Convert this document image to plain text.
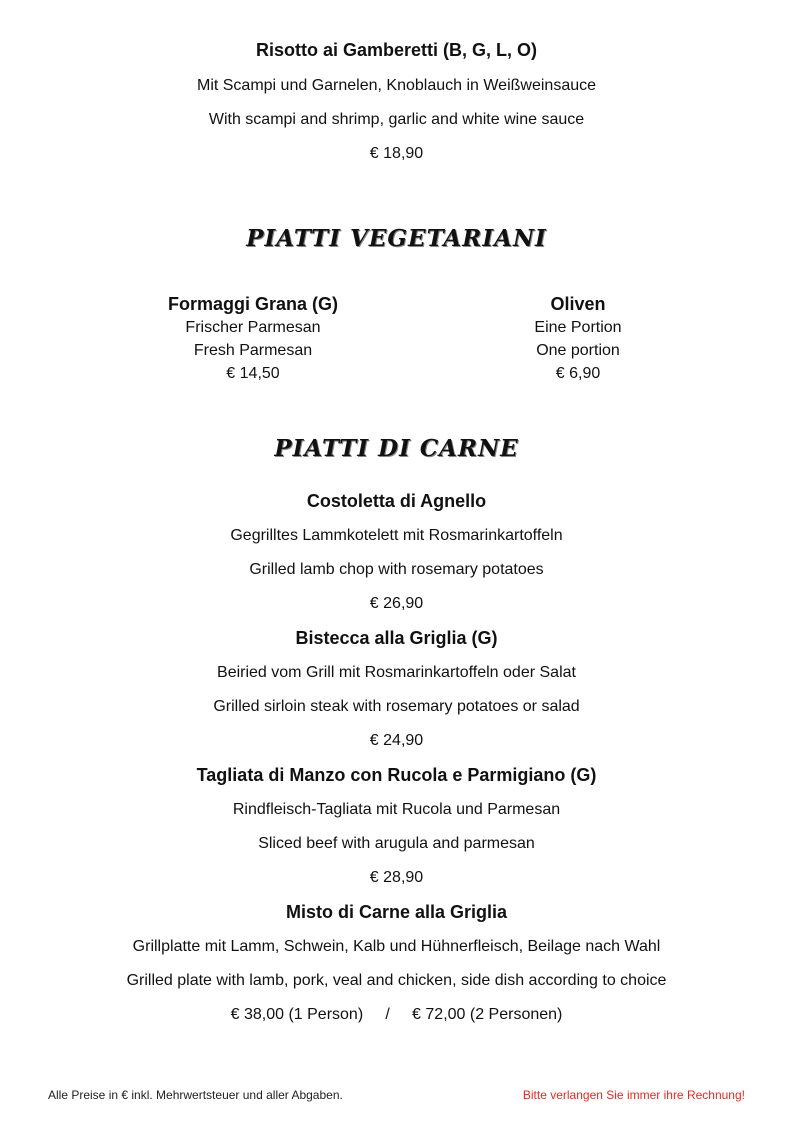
Risotto ai Gamberetti (B, G, L, O)
Mit Scampi und Garnelen, Knoblauch in Weißweinsauce
With scampi and shrimp, garlic and white wine sauce
€ 18,90
PIATTI VEGETARIANI
Formaggi Grana (G)
Frischer Parmesan
Fresh Parmesan
€ 14,50
Oliven
Eine Portion
One portion
€ 6,90
PIATTI DI CARNE
Costoletta di Agnello
Gegrilltes Lammkotelett mit Rosmarinkartoffeln
Grilled lamb chop with rosemary potatoes
€ 26,90
Bistecca alla Griglia (G)
Beiried vom Grill mit Rosmarinkartoffeln oder Salat
Grilled sirloin steak with rosemary potatoes or salad
€ 24,90
Tagliata di Manzo con Rucola e Parmigiano (G)
Rindfleisch-Tagliata mit Rucola und Parmesan
Sliced beef with arugula and parmesan
€ 28,90
Misto di Carne alla Griglia
Grillplatte mit Lamm, Schwein, Kalb und Hühnerfleisch, Beilage nach Wahl
Grilled plate with lamb, pork, veal and chicken, side dish according to choice
€ 38,00 (1 Person)     /     € 72,00 (2 Personen)
Alle Preise in € inkl. Mehrwertsteuer und aller Abgaben.	Bitte verlangen Sie immer ihre Rechnung!
